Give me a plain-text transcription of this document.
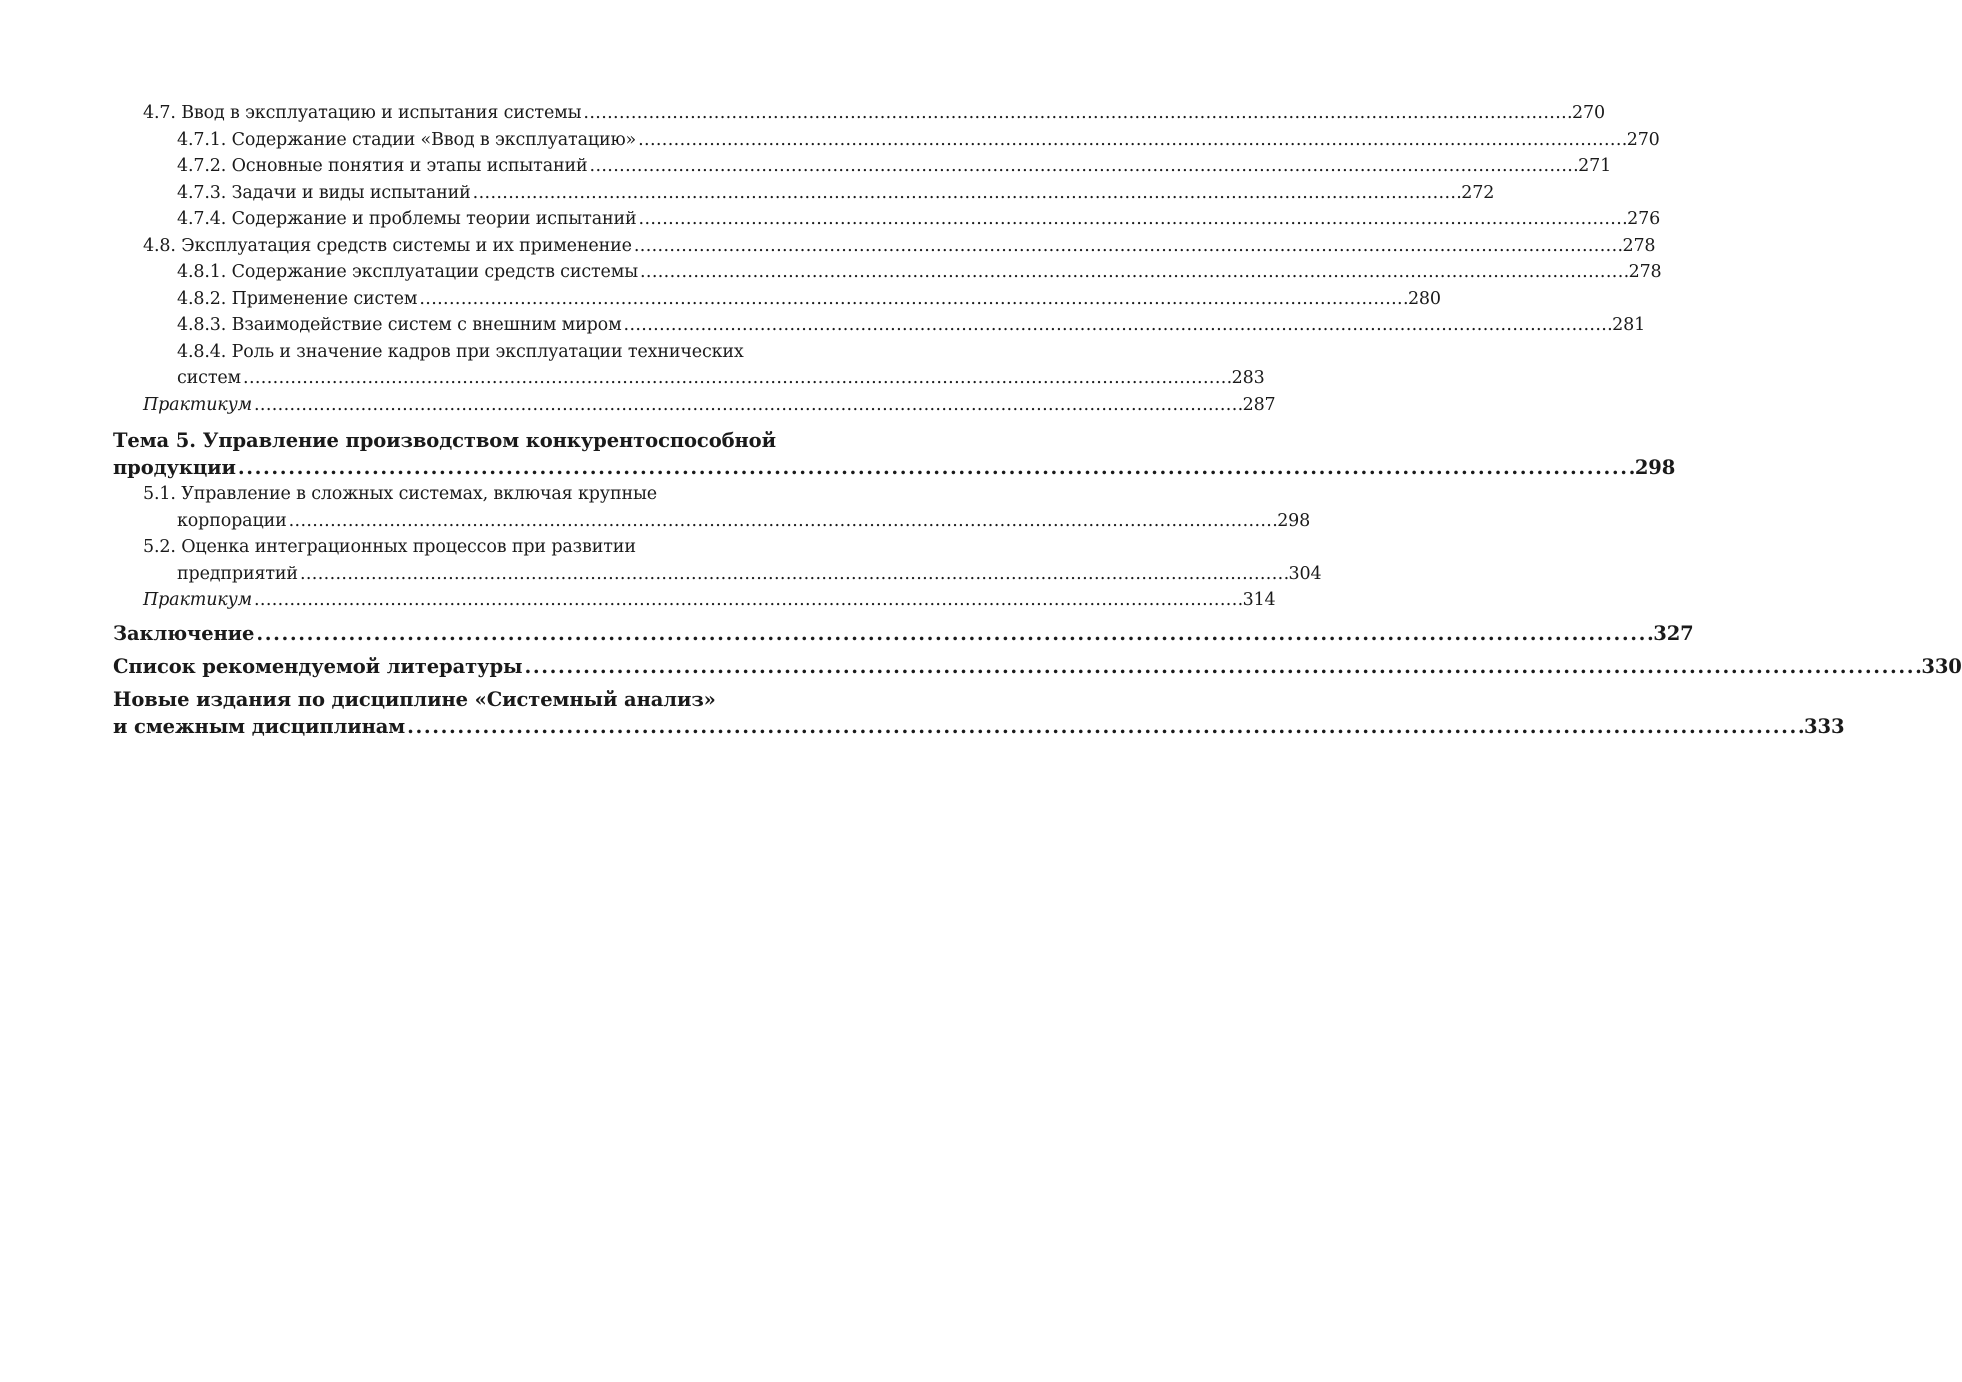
4.7. Ввод в эксплуатацию и испытания системы . . .	270
4.7.1. Содержание стадии «Ввод в эксплуатацию» . . .	270
4.7.2. Основные понятия и этапы испытаний . . .	271
4.7.3. Задачи и виды испытаний . . .	272
4.7.4. Содержание и проблемы теории испытаний . . .	276
4.8. Эксплуатация средств системы и их применение . . .	278
4.8.1. Содержание эксплуатации средств системы . . .	278
4.8.2. Применение систем . . .	280
4.8.3. Взаимодействие систем с внешним миром . . .	281
4.8.4. Роль и значение кадров при эксплуатации технических
систем . . .	283
Практикум . . .	287
Тема 5. Управление производством конкурентоспособной
продукции . . .	298
5.1. Управление в сложных системах, включая крупные
корпорации . . .	298
5.2. Оценка интеграционных процессов при развитии
предприятий . . .	304
Практикум . . .	314
Заключение . . .	327
Список рекомендуемой литературы . . .	330
Новые издания по дисциплине «Системный анализ»
и смежным дисциплинам . . .	333
